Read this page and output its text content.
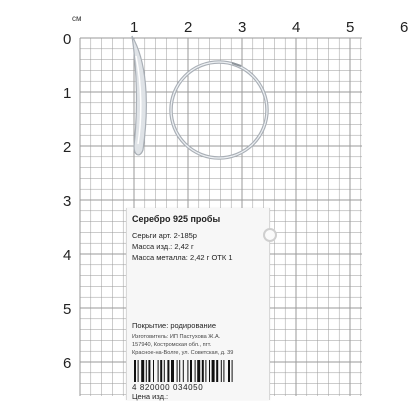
см
1	2	3	4	5	6
0
1
2
3
4
5
6
Серебро 925 пробы
Серьги арт. 2-185р
Масса изд.: 2,42 г
Масса металла: 2,42 г ОТК 1
Покрытие: родирование
Изготовитель: ИП Пастухова Ж.А.
157940, Костромская обл., пгт.
Красное-на-Волге, ул. Советская, д. 39
4 820000 034050
Цена изд.:
